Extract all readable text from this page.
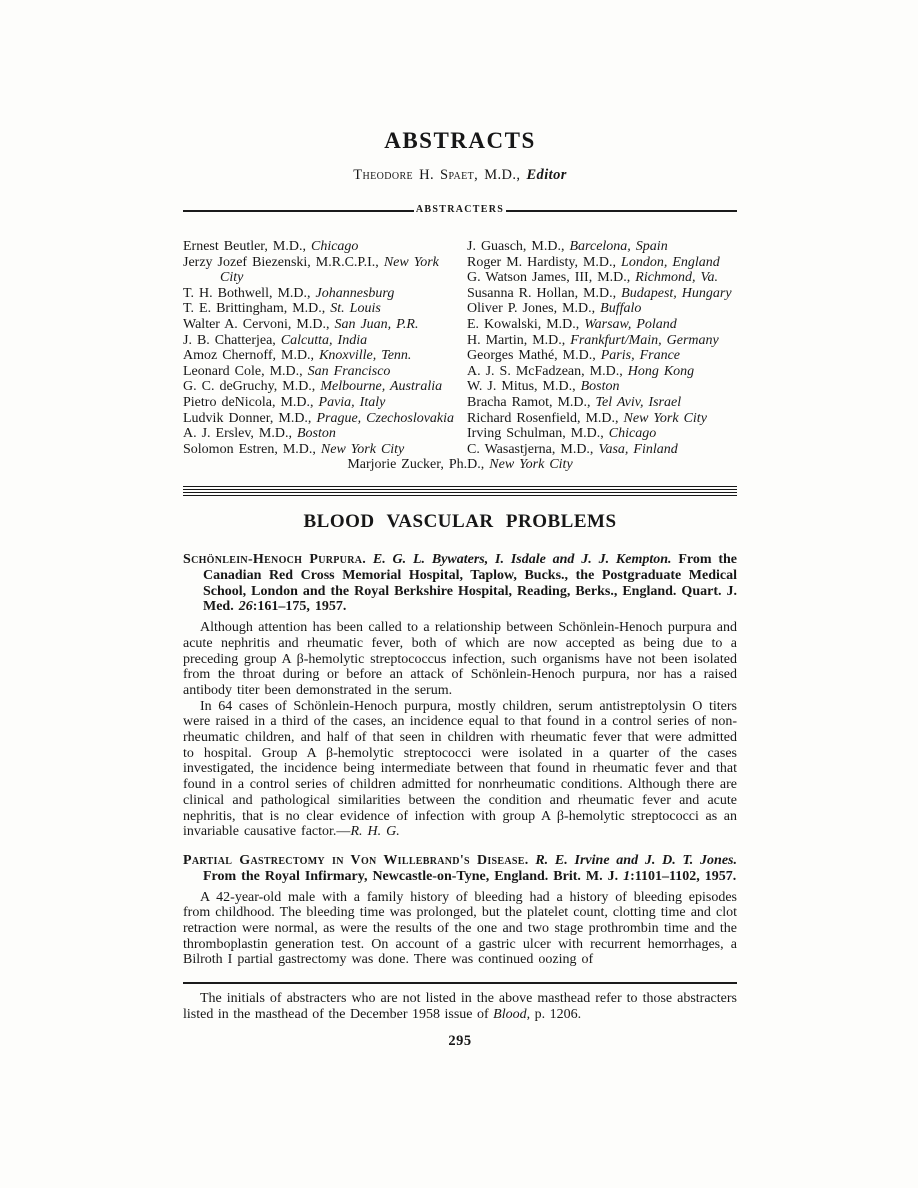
ABSTRACTS
Theodore H. Spaet, M.D., Editor
ABSTRACTERS
Ernest Beutler, M.D., Chicago
Jerzy Jozef Biezenski, M.R.C.P.I., New York City
T. H. Bothwell, M.D., Johannesburg
T. E. Brittingham, M.D., St. Louis
Walter A. Cervoni, M.D., San Juan, P.R.
J. B. Chatterjea, Calcutta, India
Amoz Chernoff, M.D., Knoxville, Tenn.
Leonard Cole, M.D., San Francisco
G. C. deGruchy, M.D., Melbourne, Australia
Pietro deNicola, M.D., Pavia, Italy
Ludvik Donner, M.D., Prague, Czechoslovakia
A. J. Erslev, M.D., Boston
Solomon Estren, M.D., New York City
J. Guasch, M.D., Barcelona, Spain
Roger M. Hardisty, M.D., London, England
G. Watson James, III, M.D., Richmond, Va.
Susanna R. Hollan, M.D., Budapest, Hungary
Oliver P. Jones, M.D., Buffalo
E. Kowalski, M.D., Warsaw, Poland
H. Martin, M.D., Frankfurt/Main, Germany
Georges Mathé, M.D., Paris, France
A. J. S. McFadzean, M.D., Hong Kong
W. J. Mitus, M.D., Boston
Bracha Ramot, M.D., Tel Aviv, Israel
Richard Rosenfield, M.D., New York City
Irving Schulman, M.D., Chicago
C. Wasastjerna, M.D., Vasa, Finland
Marjorie Zucker, Ph.D., New York City
BLOOD VASCULAR PROBLEMS
Schönlein-Henoch Purpura. E. G. L. Bywaters, I. Isdale and J. J. Kempton. From the Canadian Red Cross Memorial Hospital, Taplow, Bucks., the Postgraduate Medical School, London and the Royal Berkshire Hospital, Reading, Berks., England. Quart. J. Med. 26:161–175, 1957.

Although attention has been called to a relationship between Schönlein-Henoch purpura and acute nephritis and rheumatic fever, both of which are now accepted as being due to a preceding group A β-hemolytic streptococcus infection, such organisms have not been isolated from the throat during or before an attack of Schönlein-Henoch purpura, nor has a raised antibody titer been demonstrated in the serum.

In 64 cases of Schönlein-Henoch purpura, mostly children, serum antistreptolysin O titers were raised in a third of the cases, an incidence equal to that found in a control series of non-rheumatic children, and half of that seen in children with rheumatic fever that were admitted to hospital. Group A β-hemolytic streptococci were isolated in a quarter of the cases investigated, the incidence being intermediate between that found in rheumatic fever and that found in a control series of children admitted for nonrheumatic conditions. Although there are clinical and pathological similarities between the condition and rheumatic fever and acute nephritis, that is no clear evidence of infection with group A β-hemolytic streptococci as an invariable causative factor.—R. H. G.

Partial Gastrectomy in Von Willebrand's Disease. R. E. Irvine and J. D. T. Jones. From the Royal Infirmary, Newcastle-on-Tyne, England. Brit. M. J. 1:1101–1102, 1957.

A 42-year-old male with a family history of bleeding had a history of bleeding episodes from childhood. The bleeding time was prolonged, but the platelet count, clotting time and clot retraction were normal, as were the results of the one and two stage prothrombin time and the thromboplastin generation test. On account of a gastric ulcer with recurrent hemorrhages, a Bilroth I partial gastrectomy was done. There was continued oozing of

The initials of abstracters who are not listed in the above masthead refer to those abstracters listed in the masthead of the December 1958 issue of Blood, p. 1206.
295
